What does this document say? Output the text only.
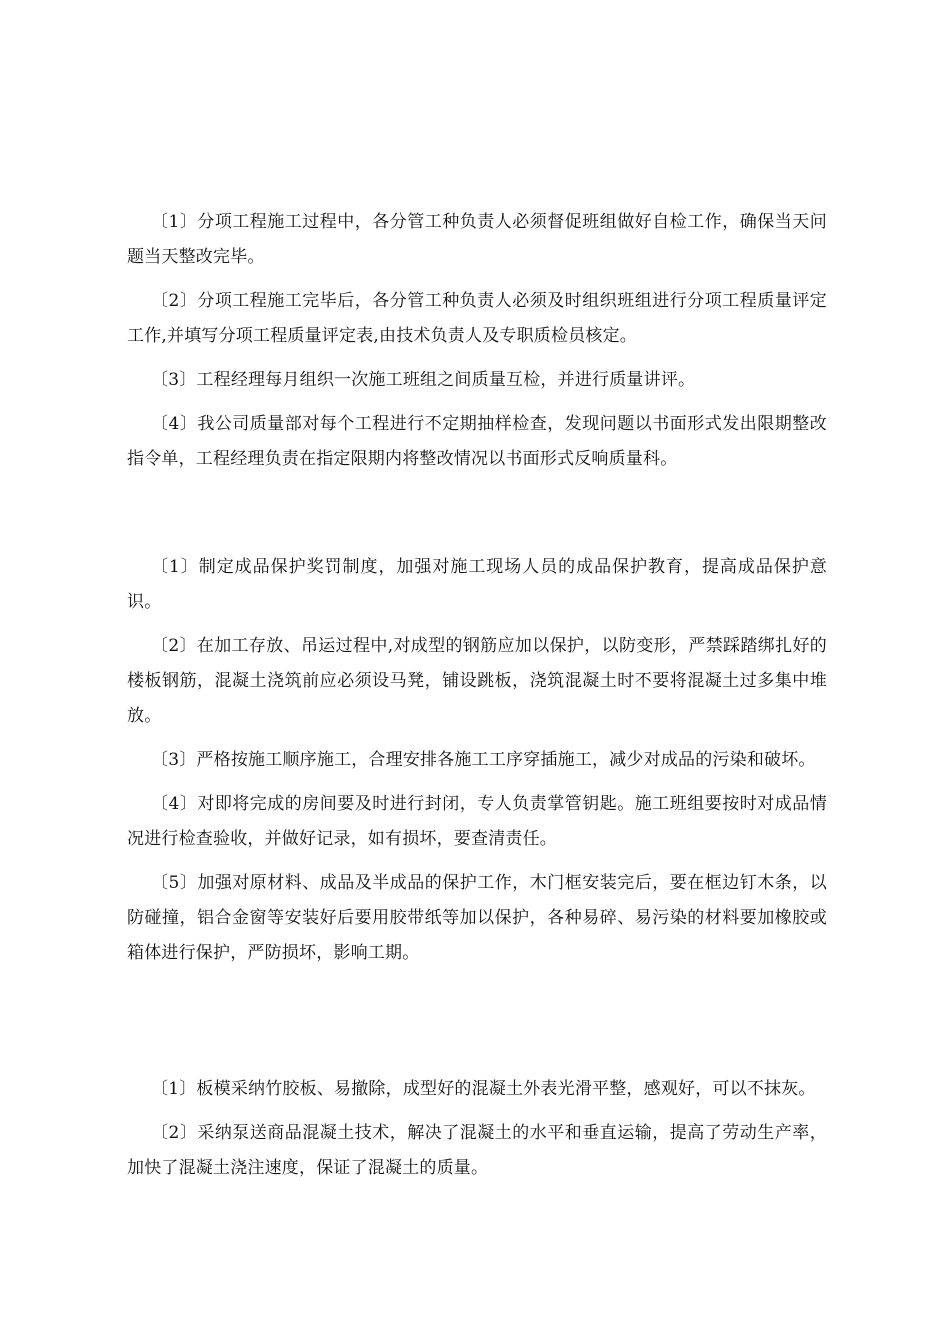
〔1〕分项工程施工过程中，各分管工种负责人必须督促班组做好自检工作，确保当天问题当天整改完毕。

〔2〕分项工程施工完毕后，各分管工种负责人必须及时组织班组进行分项工程质量评定工作,并填写分项工程质量评定表,由技术负责人及专职质检员核定。

〔3〕工程经理每月组织一次施工班组之间质量互检，并进行质量讲评。

〔4〕我公司质量部对每个工程进行不定期抽样检查，发现问题以书面形式发出限期整改指令单，工程经理负责在指定限期内将整改情况以书面形式反响质量科。

〔1〕制定成品保护奖罚制度，加强对施工现场人员的成品保护教育，提高成品保护意识。

〔2〕在加工存放、吊运过程中,对成型的钢筋应加以保护，以防变形，严禁踩踏绑扎好的楼板钢筋，混凝土浇筑前应必须设马凳，铺设跳板，浇筑混凝土时不要将混凝土过多集中堆放。

〔3〕严格按施工顺序施工，合理安排各施工工序穿插施工，减少对成品的污染和破坏。

〔4〕对即将完成的房间要及时进行封闭，专人负责掌管钥匙。施工班组要按时对成品情况进行检查验收，并做好记录，如有损坏，要查清责任。

〔5〕加强对原材料、成品及半成品的保护工作，木门框安装完后，要在框边钉木条，以防碰撞，铝合金窗等安装好后要用胶带纸等加以保护，各种易碎、易污染的材料要加橡胶或箱体进行保护，严防损坏，影响工期。

〔1〕板模采纳竹胶板、易撤除，成型好的混凝土外表光滑平整，感观好，可以不抹灰。

〔2〕采纳泵送商品混凝土技术，解决了混凝土的水平和垂直运输，提高了劳动生产率，加快了混凝土浇注速度，保证了混凝土的质量。
